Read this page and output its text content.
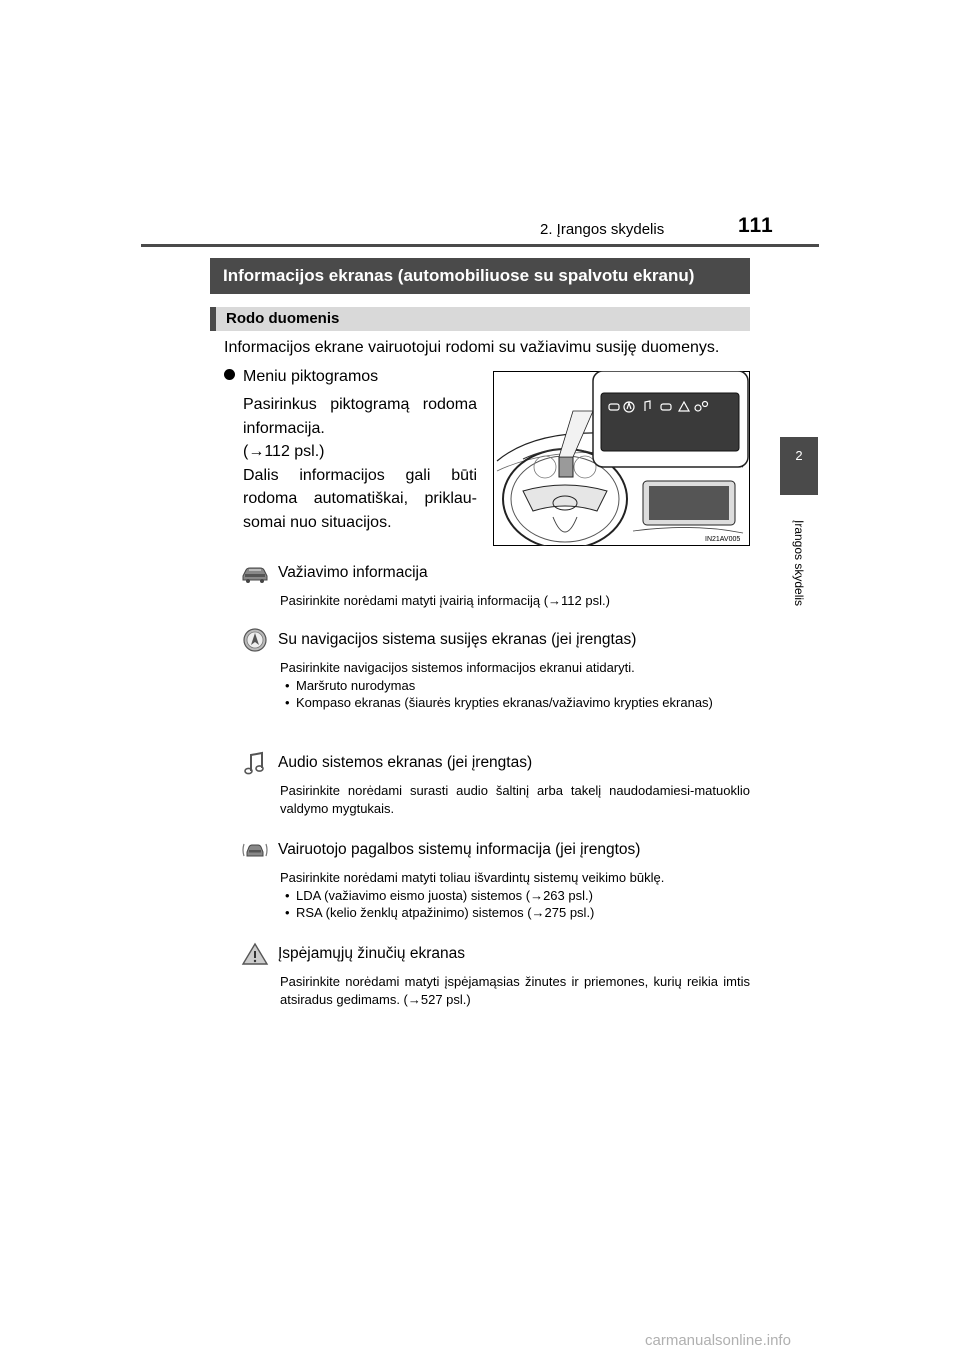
2. Įrangos skydelis	111
2
Įrangos skydelis
Informacijos ekranas (automobiliuose su spalvotu ekranu)
Rodo duomenis
Informacijos ekrane vairuotojui rodomi su važiavimu susiję duomenys.
Meniu piktogramos

Pasirinkus piktogramą rodoma

informacija.

(→112 psl.)

Dalis informacijos gali būti

rodoma automatiškai, priklau-

somai nuo situacijos.

IN21AV005
Važiavimo informacija
Pasirinkite norėdami matyti įvairią informaciją (→112 psl.)
Su navigacijos sistema susijęs ekranas (jei įrengtas)
Pasirinkite navigacijos sistemos informacijos ekranui atidaryti.
• Maršruto nurodymas
• Kompaso ekranas (šiaurės krypties ekranas/važiavimo krypties ekranas)
Audio sistemos ekranas (jei įrengtas)
Pasirinkite norėdami surasti audio šaltinį arba takelį naudodamiesi-matuoklio valdymo mygtukais.
Vairuotojo pagalbos sistemų informacija (jei įrengtos)
Pasirinkite norėdami matyti toliau išvardintų sistemų veikimo būklę.
• LDA (važiavimo eismo juosta) sistemos (→263 psl.)
• RSA (kelio ženklų atpažinimo) sistemos (→275 psl.)
Įspėjamųjų žinučių ekranas
Pasirinkite norėdami matyti įspėjamąsias žinutes ir priemones, kurių reikia imtis atsiradus gedimams. (→527 psl.)
carmanualsonline.info
